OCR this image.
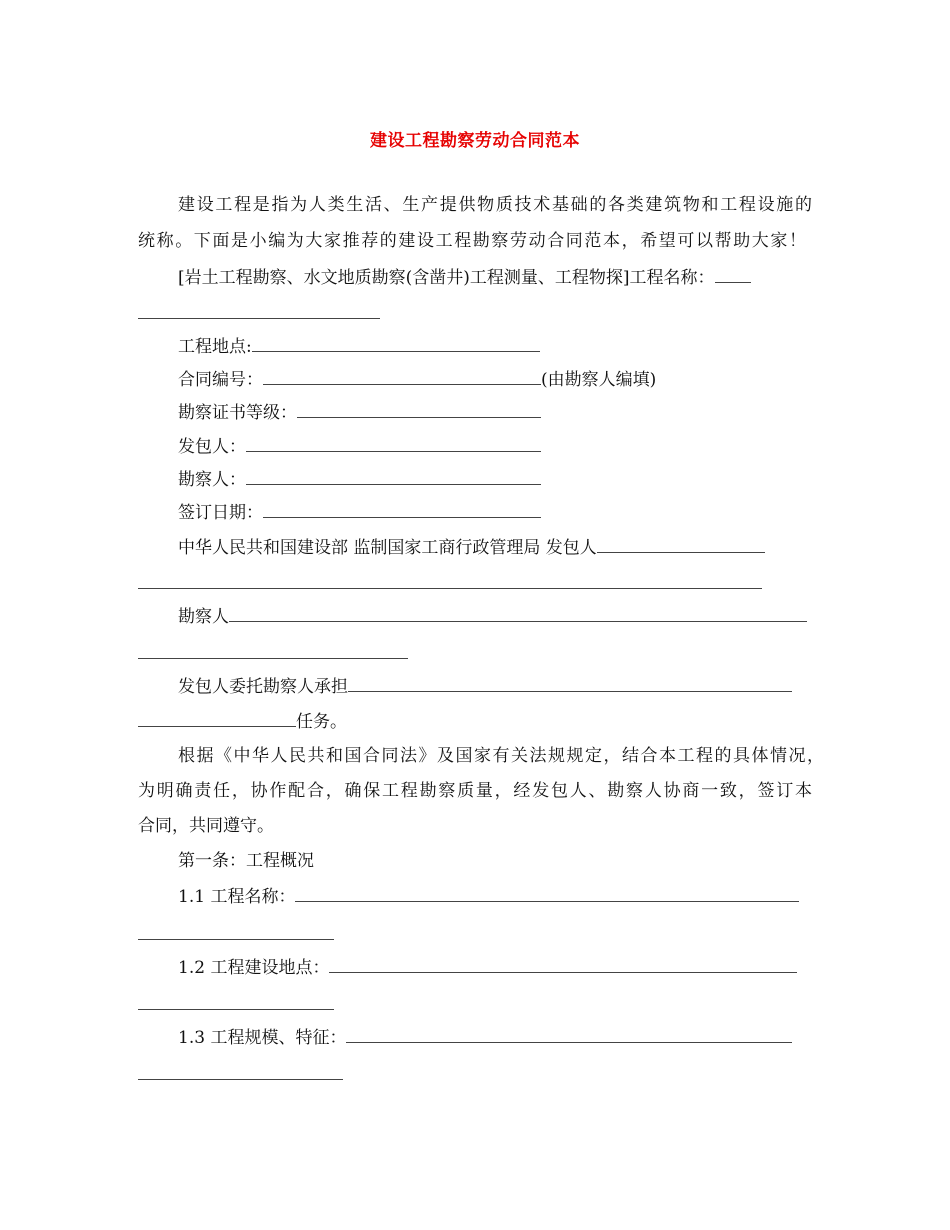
建设工程勘察劳动合同范本
建设工程是指为人类生活、生产提供物质技术基础的各类建筑物和工程设施的
统称。下面是小编为大家推荐的建设工程勘察劳动合同范本，希望可以帮助大家！
[岩土工程勘察、水文地质勘察(含凿井)工程测量、工程物探]工程名称：
工程地点:
合同编号：	(由勘察人编填)
勘察证书等级：
发包人：
勘察人：
签订日期：
中华人民共和国建设部 监制国家工商行政管理局 发包人
勘察人
发包人委托勘察人承担
任务。
根据《中华人民共和国合同法》及国家有关法规规定，结合本工程的具体情况，
为明确责任，协作配合，确保工程勘察质量，经发包人、勘察人协商一致，签订本
合同，共同遵守。
第一条：工程概况
1.1 工程名称：
1.2 工程建设地点：
1.3 工程规模、特征：
